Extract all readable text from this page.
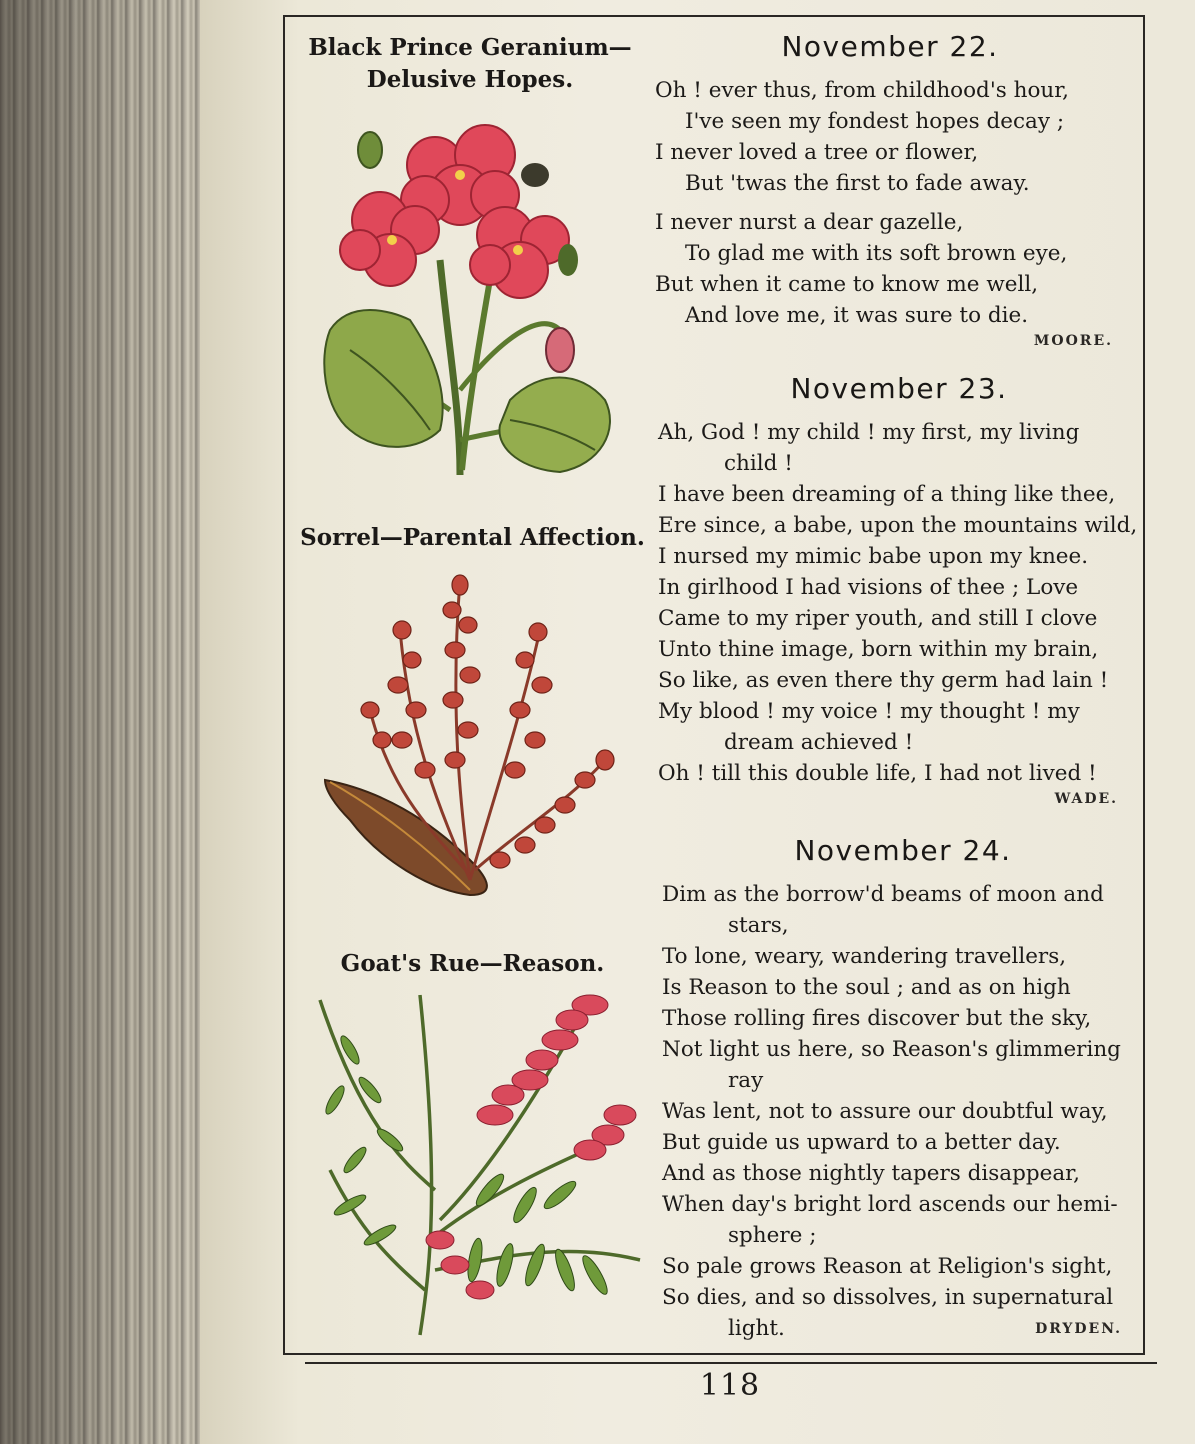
Black Prince Geranium—
Delusive Hopes.
Sorrel—Parental Affection.
Goat's Rue—Reason.
November 22.
Oh ! ever thus, from childhood's hour,
I've seen my fondest hopes decay ;
I never loved a tree or flower,
But 'twas the first to fade away.
I never nurst a dear gazelle,
To glad me with its soft brown eye,
But when it came to know me well,
And love me, it was sure to die.
MOORE.
November 23.
Ah, God ! my child ! my first, my living
child !
I have been dreaming of a thing like thee,
Ere since, a babe, upon the mountains wild,
I nursed my mimic babe upon my knee.
In girlhood I had visions of thee ; Love
Came to my riper youth, and still I clove
Unto thine image, born within my brain,
So like, as even there thy germ had lain !
My blood ! my voice ! my thought ! my
dream achieved !
Oh ! till this double life, I had not lived !
WADE.
November 24.
Dim as the borrow'd beams of moon and
stars,
To lone, weary, wandering travellers,
Is Reason to the soul ; and as on high
Those rolling fires discover but the sky,
Not light us here, so Reason's glimmering
ray
Was lent, not to assure our doubtful way,
But guide us upward to a better day.
And as those nightly tapers disappear,
When day's bright lord ascends our hemi-
sphere ;
So pale grows Reason at Religion's sight,
So dies, and so dissolves, in supernatural
light.	DRYDEN.
118
